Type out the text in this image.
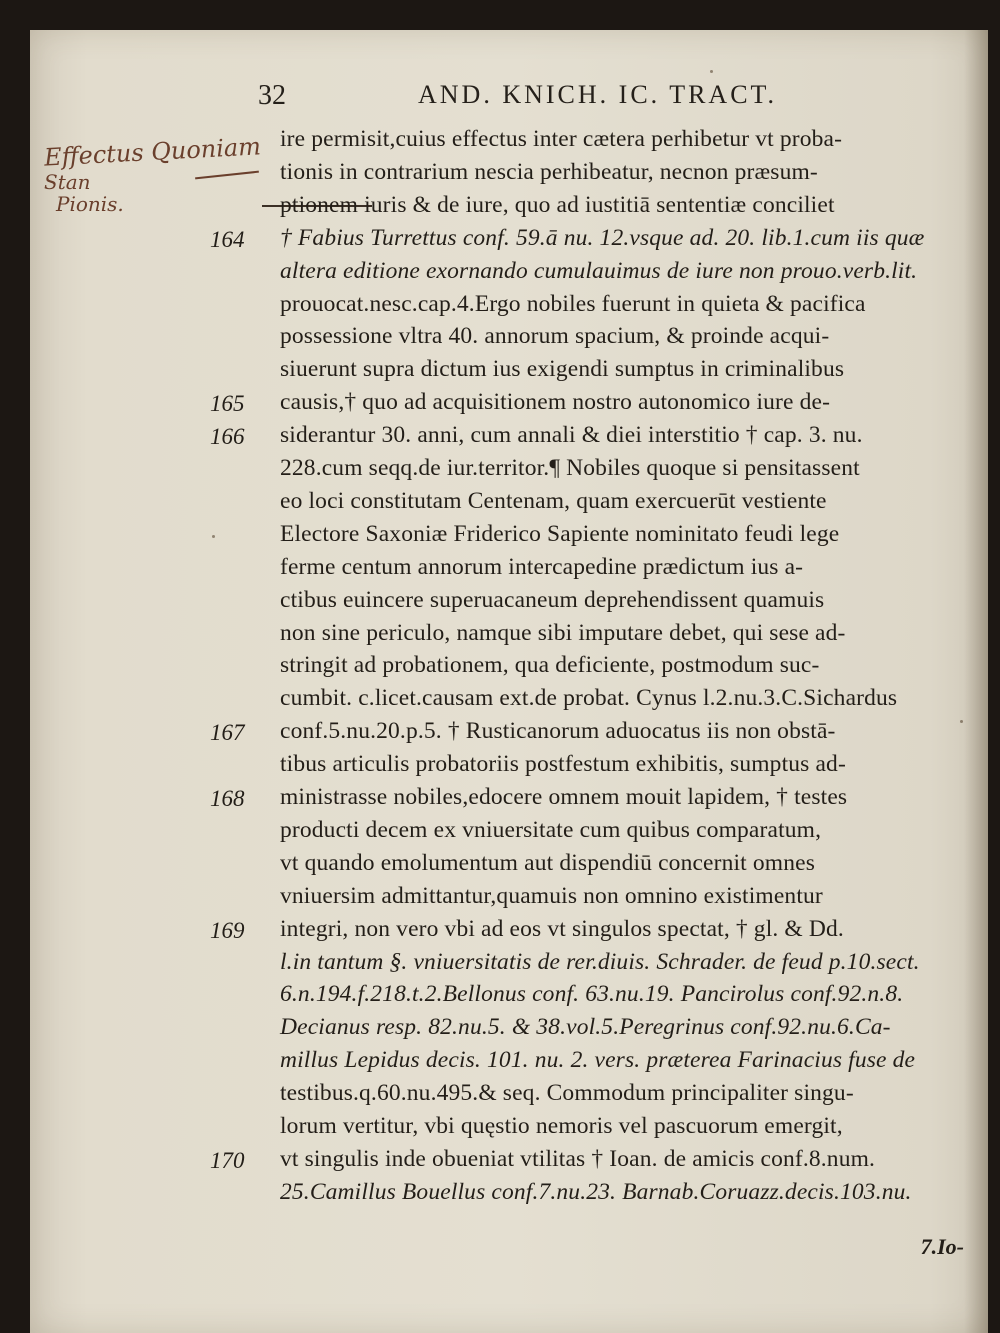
32	AND. KNICH. IC. TRACT.
Effectus Quoniam
Stan
Pionis.
ire permisit,cuius effectus inter cætera perhibetur vt proba-
tionis in contrarium nescia perhibeatur, necnon præsum-
ptionem iuris & de iure, quo ad iustitiā sententiæ conciliet
164	† Fabius Turrettus conf. 59.ā nu. 12.vsque ad. 20. lib.1.cum iis quæ
altera editione exornando cumulauimus de iure non prouo.verb.lit.
prouocat.nesc.cap.4.Ergo nobiles fuerunt in quieta & pacifica
possessione vltra 40. annorum spacium, & proinde acqui-
siuerunt supra dictum ius exigendi sumptus in criminalibus
165	causis,† quo ad acquisitionem nostro autonomico iure de-
166	siderantur 30. anni, cum annali & diei interstitio † cap. 3. nu.
228.cum seqq.de iur.territor.¶ Nobiles quoque si pensitassent
eo loci constitutam Centenam, quam exercuerūt vestiente
Electore Saxoniæ Friderico Sapiente nominitato feudi lege
ferme centum annorum intercapedine prædictum ius a-
ctibus euincere superuacaneum deprehendissent quamuis
non sine periculo, namque sibi imputare debet, qui sese ad-
stringit ad probationem, qua deficiente, postmodum suc-
cumbit. c.licet.causam ext.de probat. Cynus l.2.nu.3.C.Sichardus
167	conf.5.nu.20.p.5. † Rusticanorum aduocatus iis non obstā-
tibus articulis probatoriis postfestum exhibitis, sumptus ad-
168	ministrasse nobiles,edocere omnem mouit lapidem, † testes
producti decem ex vniuersitate cum quibus comparatum,
vt quando emolumentum aut dispendiū concernit omnes
vniuersim admittantur,quamuis non omnino existimentur
169	integri, non vero vbi ad eos vt singulos spectat, † gl. & Dd.
l.in tantum §. vniuersitatis de rer.diuis. Schrader. de feud p.10.sect.
6.n.194.f.218.t.2.Bellonus conf. 63.nu.19. Pancirolus conf.92.n.8.
Decianus resp. 82.nu.5. & 38.vol.5.Peregrinus conf.92.nu.6.Ca-
millus Lepidus decis. 101. nu. 2. vers. præterea Farinacius fuse de
testibus.q.60.nu.495.& seq. Commodum principaliter singu-
lorum vertitur, vbi quęstio nemoris vel pascuorum emergit,
170	vt singulis inde obueniat vtilitas † Ioan. de amicis conf.8.num.
25.Camillus Bouellus conf.7.nu.23. Barnab.Coruazz.decis.103.nu.
7.Io-
